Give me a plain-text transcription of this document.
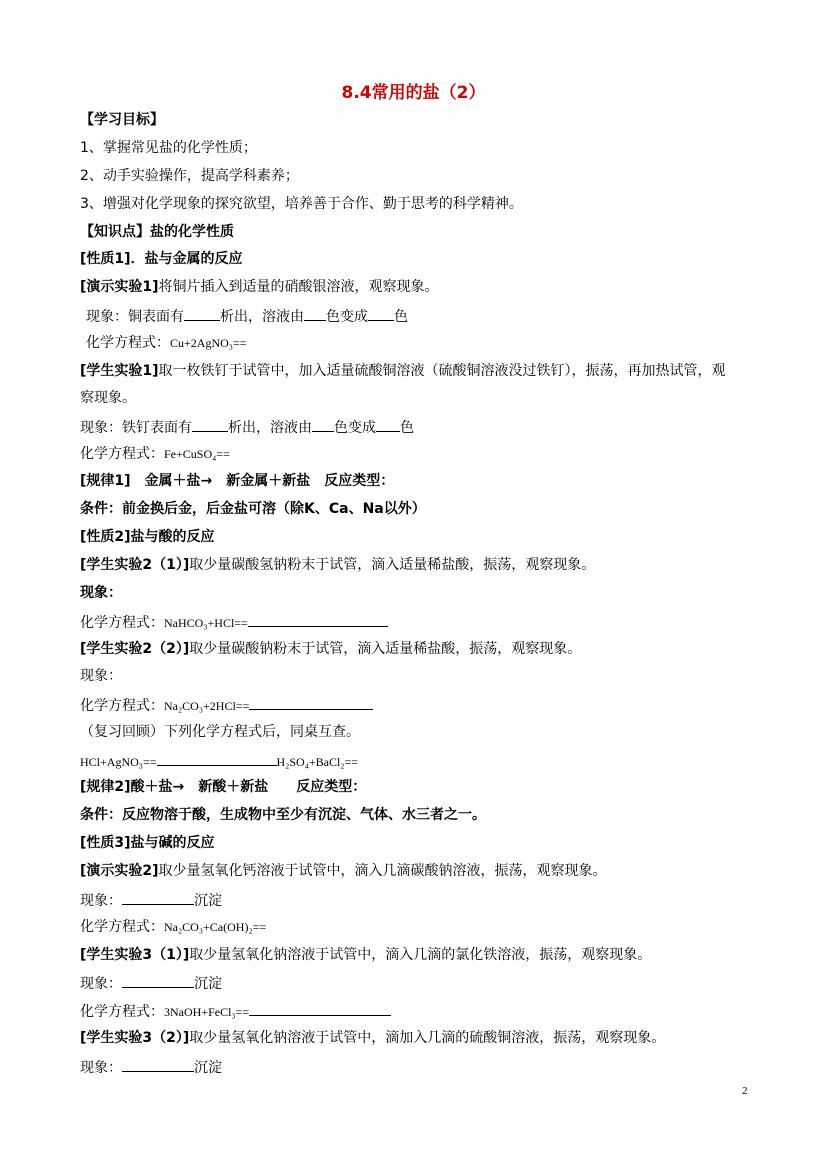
8.4常用的盐（2）
【学习目标】
1、掌握常见盐的化学性质；
2、动手实验操作，提高学科素养；
3、增强对化学现象的探究欲望，培养善于合作、勤于思考的科学精神。
【知识点】盐的化学性质
[性质1]．盐与金属的反应
[演示实验1]将铜片插入到适量的硝酸银溶液，观察现象。
现象：铜表面有	析出，溶液由 色变成 色
化学方程式：Cu+2AgNO₃==
[学生实验1]取一枚铁钉于试管中，加入适量硫酸铜溶液（硫酸铜溶液没过铁钉），振荡，再加热试管，观
察现象。
现象：铁钉表面有	析出，溶液由 色变成 色
化学方程式：Fe+CuSO₄==
[规律1]　金属＋盐→　新金属＋新盐　反应类型：
条件：前金换后金，后金盐可溶（除K、Ca、Na以外）
[性质2]盐与酸的反应
[学生实验2（1）]取少量碳酸氢钠粉末于试管，滴入适量稀盐酸，振荡，观察现象。
现象：
化学方程式：NaHCO₃+HCl==
[学生实验2（2）]取少量碳酸钠粉末于试管，滴入适量稀盐酸，振荡，观察现象。
现象：
化学方程式：Na₂CO₃+2HCl==
（复习回顾）下列化学方程式后，同桌互查。
HCl+AgNO₃==	H₂SO₄+BaCl₂==
[规律2]酸＋盐→　新酸＋新盐　　反应类型：
条件：反应物溶于酸，生成物中至少有沉淀、气体、水三者之一。
[性质3]盐与碱的反应
[演示实验2]取少量氢氧化钙溶液于试管中，滴入几滴碳酸钠溶液，振荡，观察现象。
现象：	沉淀
化学方程式：Na₂CO₃+Ca(OH)₂==
[学生实验3（1）]取少量氢氧化钠溶液于试管中，滴入几滴的氯化铁溶液，振荡，观察现象。
现象：	沉淀
化学方程式：3NaOH+FeCl₃==
[学生实验3（2）]取少量氢氧化钠溶液于试管中，滴加入几滴的硫酸铜溶液，振荡，观察现象。
现象：	沉淀
2
